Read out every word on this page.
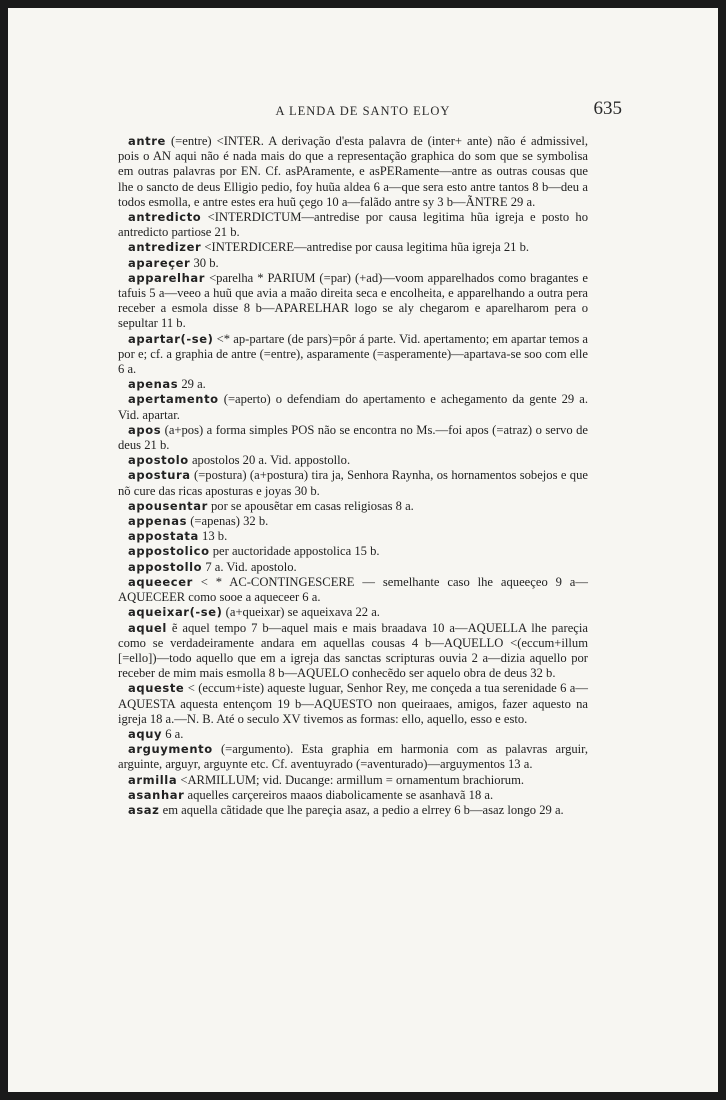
A LENDA DE SANTO ELOY	635

antre (=entre) <INTER. A derivação d'esta palavra de (inter+ ante) não é admissivel, pois o AN aqui não é nada mais do que a representação graphica do som que se symbolisa em outras palavras por EN. Cf. asPAramente, e asPERamente—antre as outras cousas que lhe o sancto de deus Elligio pedio, foy huũa aldea 6 a—que sera esto antre tantos 8 b—deu a todos esmolla, e antre estes era huũ çego 10 a—falãdo antre sy 3 b—ÃNTRE 29 a.

antredicto <INTERDICTUM—antredise por causa legitima hũa igreja e posto ho antredicto partiose 21 b.

antredizer <INTERDICERE—antredise por causa legitima hũa igreja 21 b.

apareçer 30 b.

apparelhar <parelha * PARIUM (=par) (+ad)—voom apparelhados como bragantes e tafuis 5 a—veeo a huũ que avia a maão direita seca e encolheita, e apparelhando a outra pera receber a esmola disse 8 b—APARELHAR logo se aly chegarom e aparelharom pera o sepultar 11 b.

apartar(-se) <* ap-partare (de pars)=pôr á parte. Vid. apertamento; em apartar temos a por e; cf. a graphia de antre (=entre), asparamente (=asperamente)—apartava-se soo com elle 6 a.

apenas 29 a.

apertamento (=aperto) o defendiam do apertamento e achegamento da gente 29 a. Vid. apartar.

apos (a+pos) a forma simples POS não se encontra no Ms.—foi apos (=atraz) o servo de deus 21 b.

apostolo apostolos 20 a. Vid. appostollo.

apostura (=postura) (a+postura) tira ja, Senhora Raynha, os hornamentos sobejos e que nõ cure das ricas aposturas e joyas 30 b.

apousentar por se apousẽtar em casas religiosas 8 a.

appenas (=apenas) 32 b.

appostata 13 b.

appostolico per auctoridade appostolica 15 b.

appostollo 7 a. Vid. apostolo.

aqueecer < * AC-CONTINGESCERE — semelhante caso lhe aqueeçeo 9 a—AQUECEER como sooe a aqueceer 6 a.

aqueixar(-se) (a+queixar) se aqueixava 22 a.

aquel ẽ aquel tempo 7 b—aquel mais e mais braadava 10 a—AQUELLA lhe pareçia como se verdadeiramente andara em aquellas cousas 4 b—AQUELLO <(eccum+illum [=ello])—todo aquello que em a igreja das sanctas scripturas ouvia 2 a—dizia aquello por receber de mim mais esmolla 8 b—AQUELO conhecẽdo ser aquelo obra de deus 32 b.

aqueste < (eccum+iste) aqueste luguar, Senhor Rey, me conçeda a tua serenidade 6 a—AQUESTA aquesta entençom 19 b—AQUESTO non queiraaes, amigos, fazer aquesto na igreja 18 a.—N. B. Até o seculo XV tivemos as formas: ello, aquello, esso e esto.

aquy 6 a.

arguymento (=argumento). Esta graphia em harmonia com as palavras arguir, arguinte, arguyr, arguynte etc. Cf. aventuyrado (=aventurado)—arguymentos 13 a.

armilla <ARMILLUM; vid. Ducange: armillum = ornamentum brachiorum.

asanhar aquelles carçereiros maaos diabolicamente se asanhavã 18 a.

asaz em aquella cãtidade que lhe pareçia asaz, a pedio a elrrey 6 b—asaz longo 29 a.
